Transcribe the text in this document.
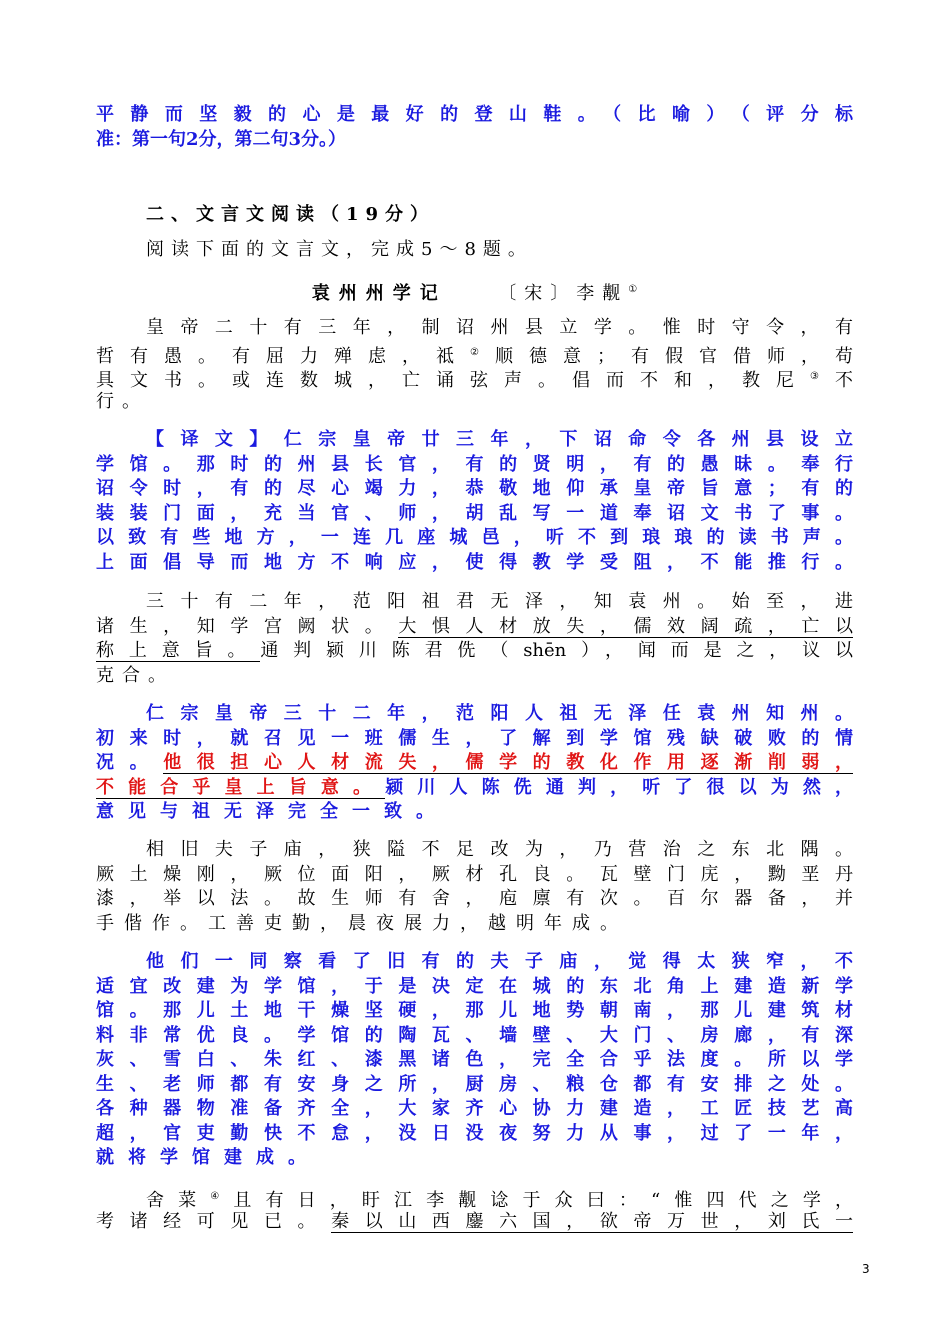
平静而坚毅的心是最好的登山鞋。（比喻）（评分标
准：第一句2分，第二句3分。）
二、文言文阅读（19分）
阅读下面的文言文，完成5～8题。
袁州州学记	〔宋〕李觏①
皇帝二十有三年，制诏州县立学。惟时守令，有
哲有愚。有屈力殚虑，祗②顺德意；有假官借师，苟
具文书。或连数城，亡诵弦声。倡而不和，教尼③不
行。
【译文】仁宗皇帝廿三年，下诏命令各州县设立
学馆。那时的州县长官，有的贤明，有的愚昧。奉行
诏令时，有的尽心竭力，恭敬地仰承皇帝旨意；有的
装装门面，充当官、师，胡乱写一道奉诏文书了事。
以致有些地方，一连几座城邑，听不到琅琅的读书声。
上面倡导而地方不响应，使得教学受阻，不能推行。
三十有二年，范阳祖君无泽，知袁州。始至，进
诸生，知学宫阙状。大惧人材放失，儒效阔疏，亡以
称上意旨。通判颍川陈君侁（shēn），闻而是之，议以
克合。
仁宗皇帝三十二年，范阳人祖无泽任袁州知州。
初来时，就召见一班儒生，了解到学馆残缺破败的情
况。他很担心人材流失，儒学的教化作用逐渐削弱，
不能合乎皇上旨意。颍川人陈侁通判，听了很以为然，
意见与祖无泽完全一致。
相旧夫子庙，狭隘不足改为，乃营治之东北隅。
厥土燥刚，厥位面阳，厥材孔良。瓦壁门庑，黝垩丹
漆，举以法。故生师有舍，庖廪有次。百尔器备，并
手偕作。工善吏勤，晨夜展力，越明年成。
他们一同察看了旧有的夫子庙，觉得太狭窄，不
适宜改建为学馆，于是决定在城的东北角上建造新学
馆。那儿土地干燥坚硬，那儿地势朝南，那儿建筑材
料非常优良。学馆的陶瓦、墙壁、大门、房廊，有深
灰、雪白、朱红、漆黑诸色，完全合乎法度。所以学
生、老师都有安身之所，厨房、粮仓都有安排之处。
各种器物准备齐全，大家齐心协力建造，工匠技艺高
超，官吏勤快不怠，没日没夜努力从事，过了一年，
就将学馆建成。
舍菜④且有日，盱江李觏谂于众曰：“惟四代之学，
考诸经可见已。秦以山西鏖六国，欲帝万世，刘氏一
3
